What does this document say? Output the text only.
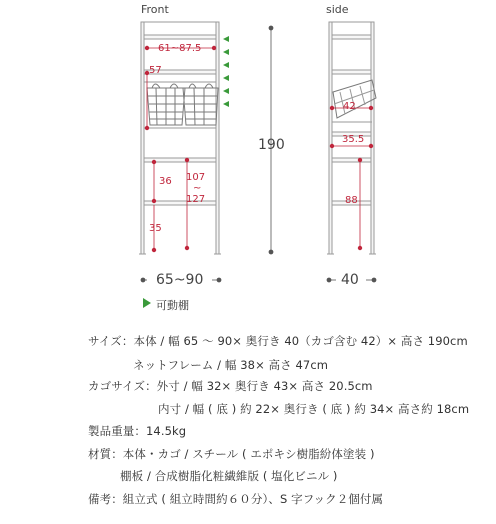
Front	side
61~87.5
57
36 107
~
127
35
42
35.5
88
190
65~90	40
可動棚
サイズ：本体 / 幅 65 ～ 90× 奥行き 40（カゴ含む 42）× 高さ 190cm
ネットフレーム / 幅 38× 高さ 47cm
カゴサイズ：外寸 / 幅 32× 奥行き 43× 高さ 20.5cm
内寸 / 幅 ( 底 ) 約 22× 奥行き ( 底 ) 約 34× 高さ約 18cm
製品重量：14.5kg
材質：本体・カゴ / スチール ( エポキシ樹脂紛体塗装 )
棚板 / 合成樹脂化粧繊維版 ( 塩化ビニル )
備考：組立式 ( 組立時間約６０分）、S 字フック２個付属
